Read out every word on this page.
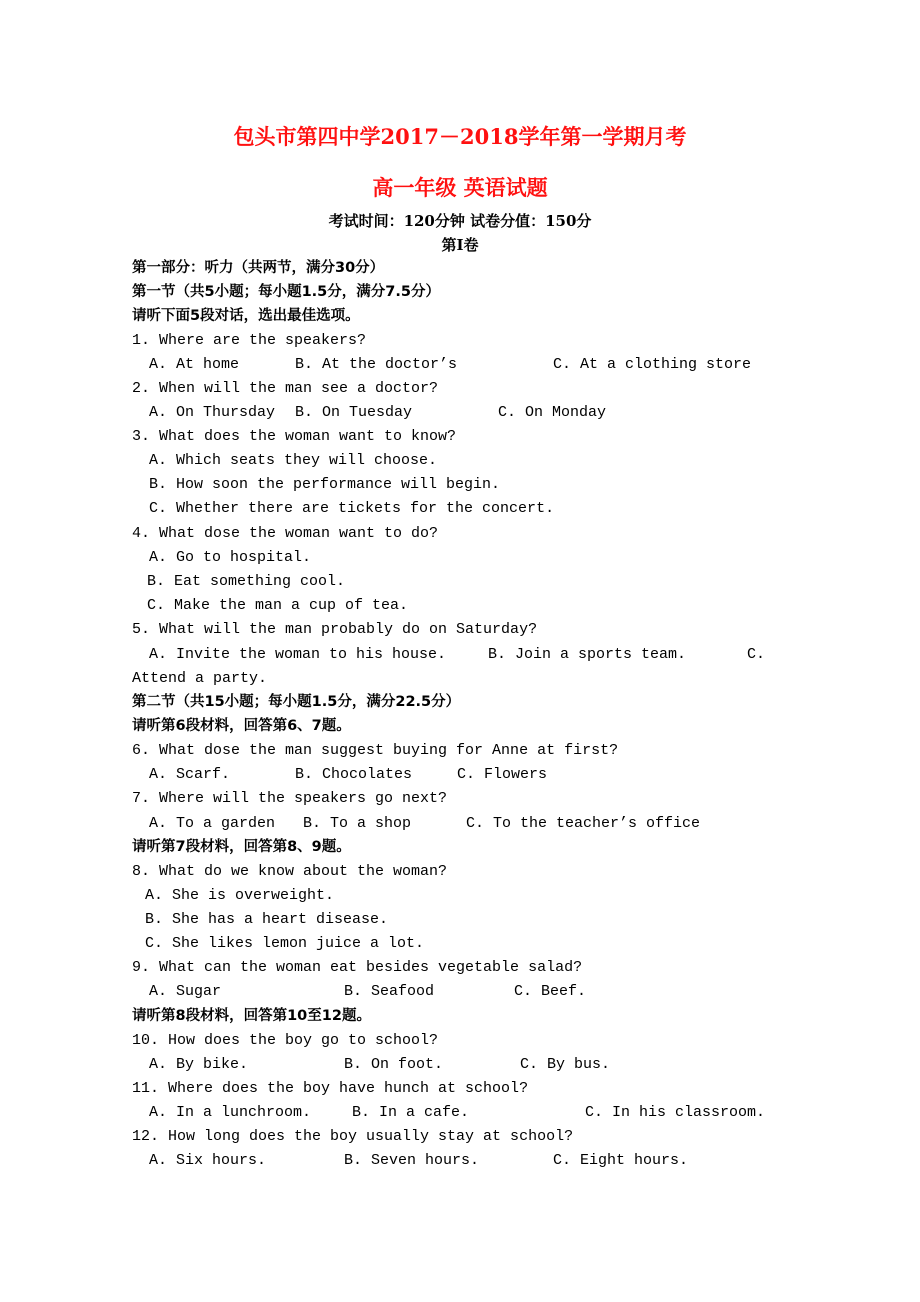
包头市第四中学2017－2018学年第一学期月考
高一年级 英语试题
考试时间：120分钟 试卷分值：150分
第Ⅰ卷
第一部分：听力（共两节，满分30分）
第一节（共5小题；每小题1.5分，满分7.5分）
请听下面5段对话，选出最佳选项。
1. Where are the speakers?
A. At home	B. At the doctor’s	C. At a clothing store
2. When will the man see a doctor?
A. On Thursday B. On Tuesday	C. On Monday
3. What does the woman want to know?
A. Which seats they will choose.
B. How soon the performance will begin.
C. Whether there are tickets for the concert.
4. What dose the woman want to do?
A. Go to hospital.
B. Eat something cool.
C. Make the man a cup of tea.
5. What will the man probably do on Saturday?
A. Invite the woman to his house.	B. Join a sports team.	C.
Attend a party.
第二节（共15小题；每小题1.5分，满分22.5分）
请听第6段材料，回答第6、7题。
6. What dose the man suggest buying for Anne at first?
A. Scarf.	B. Chocolates	C. Flowers
7. Where will the speakers go next?
A. To a garden B. To a shop	C. To the teacher’s office
请听第7段材料，回答第8、9题。
8. What do we know about the woman?
A. She is overweight.
B. She has a heart disease.
C. She likes lemon juice a lot.
9. What can the woman eat besides vegetable salad?
A. Sugar	B. Seafood	C. Beef.
请听第8段材料，回答第10至12题。
10. How does the boy go to school?
A. By bike.	B. On foot.	C. By bus.
11. Where does the boy have hunch at school?
A. In a lunchroom.	B. In a cafe.	C. In his classroom.
12. How long does the boy usually stay at school?
A. Six hours.	B. Seven hours.	C. Eight hours.
